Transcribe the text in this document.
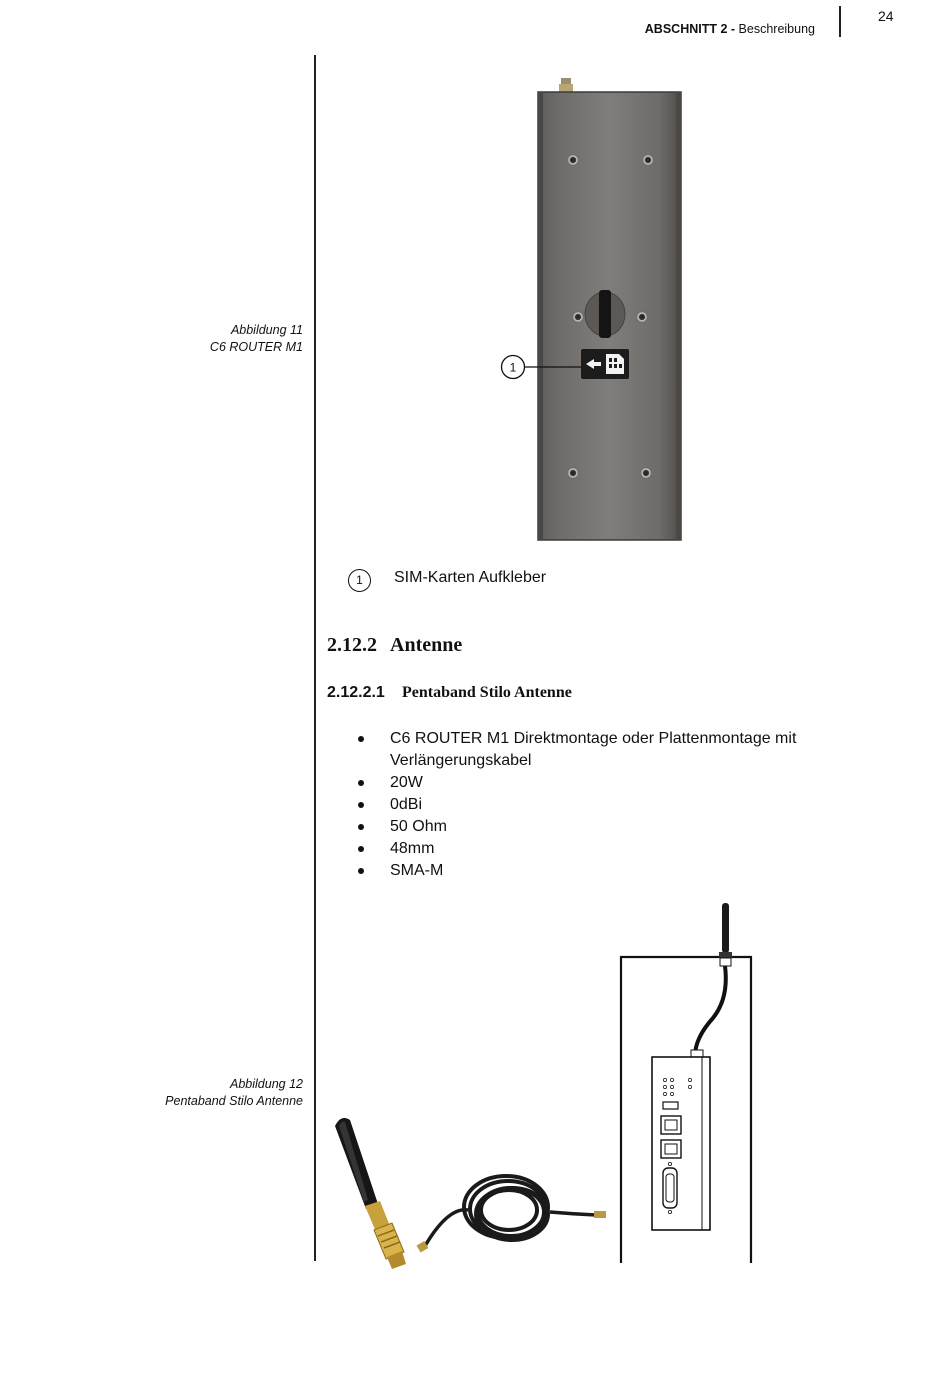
ABSCHNITT 2 - Beschreibung
24
Abbildung 11
C6 ROUTER M1
1
1	SIM-Karten Aufkleber
2.12.2 Antenne
2.12.2.1 Pentaband Stilo Antenne
C6 ROUTER M1 Direktmontage oder Plattenmontage mit Verlängerungskabel
20W
0dBi
50 Ohm
48mm
SMA-M
Abbildung 12
Pentaband Stilo Antenne
